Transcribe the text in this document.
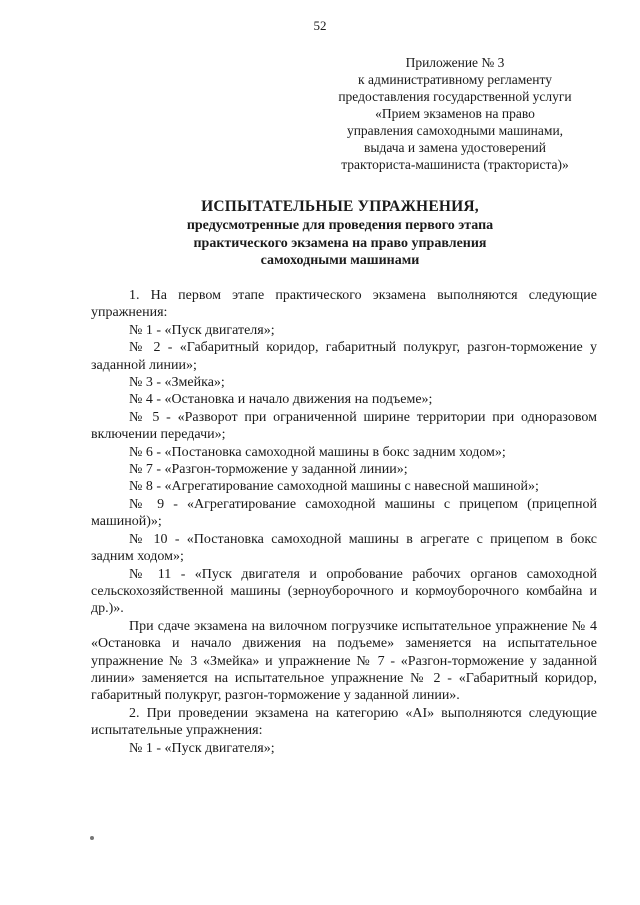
52
Приложение № 3
к административному регламенту
предоставления государственной услуги
«Прием экзаменов на право
управления самоходными машинами,
выдача и замена удостоверений
тракториста-машиниста (тракториста)»
ИСПЫТАТЕЛЬНЫЕ УПРАЖНЕНИЯ,
предусмотренные для проведения первого этапа
практического экзамена на право управления
самоходными машинами

1. На первом этапе практического экзамена выполняются следующие упражнения:

№ 1 - «Пуск двигателя»;

№ 2 - «Габаритный коридор, габаритный полукруг, разгон-торможение у заданной линии»;

№ 3 - «Змейка»;

№ 4 - «Остановка и начало движения на подъеме»;

№ 5 - «Разворот при ограниченной ширине территории при одноразовом включении передачи»;

№ 6 - «Постановка самоходной машины в бокс задним ходом»;

№ 7 - «Разгон-торможение у заданной линии»;

№ 8 - «Агрегатирование самоходной машины с навесной машиной»;

№ 9 - «Агрегатирование самоходной машины с прицепом (прицепной машиной)»;

№ 10 - «Постановка самоходной машины в агрегате с прицепом в бокс задним ходом»;

№ 11 - «Пуск двигателя и опробование рабочих органов самоходной сельскохозяйственной машины (зерноуборочного и кормоуборочного комбайна и др.)».

При сдаче экзамена на вилочном погрузчике испытательное упражнение № 4 «Остановка и начало движения на подъеме» заменяется на испытательное упражнение № 3 «Змейка» и упражнение № 7 - «Разгон-торможение у заданной линии» заменяется на испытательное упражнение № 2 - «Габаритный коридор, габаритный полукруг, разгон-торможение у заданной линии».

2. При проведении экзамена на категорию «AI» выполняются следующие испытательные упражнения:

№ 1 - «Пуск двигателя»;
